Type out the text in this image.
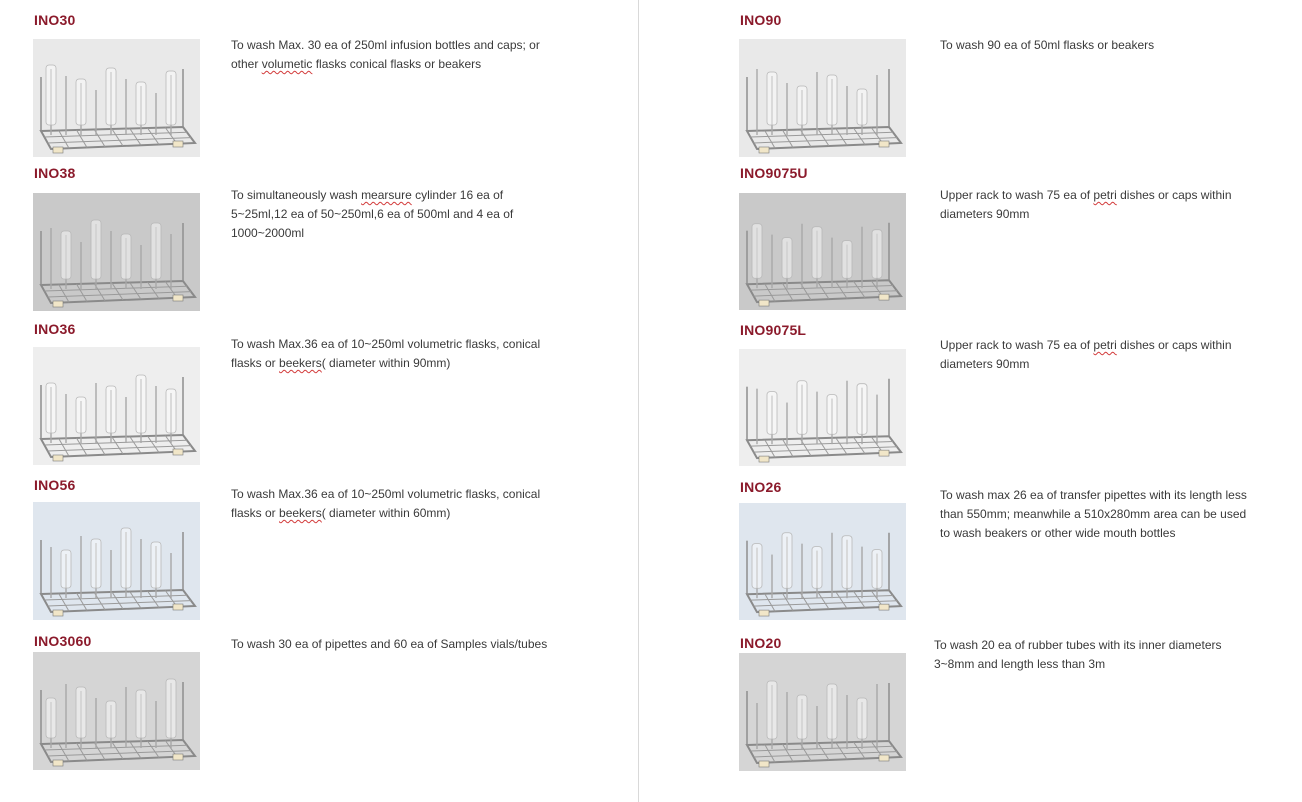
INO30
To wash Max. 30 ea of 250ml infusion bottles and caps; or
other volumetic flasks conical flasks or beakers
INO38
To simultaneously wash mearsure cylinder 16 ea of
5~25ml,12 ea of 50~250ml,6 ea of 500ml and 4 ea of
1000~2000ml
INO36
To wash Max.36 ea of 10~250ml volumetric flasks, conical
flasks or beekers( diameter within 90mm)
INO56
To wash Max.36 ea of 10~250ml volumetric flasks, conical
flasks or beekers( diameter within 60mm)
INO3060	To wash 30 ea of pipettes and 60 ea of Samples vials/tubes
INO90
To wash 90 ea of 50ml flasks or beakers
INO9075U
Upper rack to wash 75 ea of petri dishes or caps within
diameters 90mm
INO9075L
Upper rack to wash 75 ea of petri dishes or caps within
diameters 90mm
INO26	To wash max 26 ea of transfer pipettes with its length less
than 550mm; meanwhile a 510x280mm area can be used
to wash beakers or other wide mouth bottles
INO20	To wash 20 ea of rubber tubes with its inner diameters
3~8mm and length less than 3m
